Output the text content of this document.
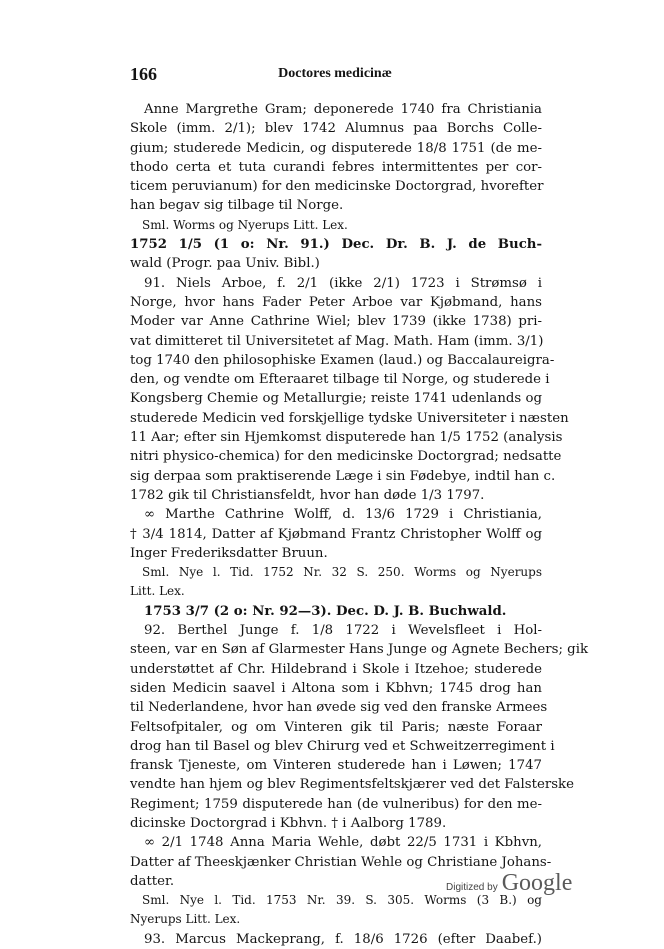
166	Doctores medicinæ
Anne Margrethe Gram; deponerede 1740 fra Christiania
Skole (imm. 2/1); blev 1742 Alumnus paa Borchs Colle-
gium; studerede Medicin, og disputerede 18/8 1751 (de me-
thodo certa et tuta curandi febres intermittentes per cor-
ticem peruvianum) for den medicinske Doctorgrad, hvorefter
han begav sig tilbage til Norge.
Sml. Worms og Nyerups Litt. Lex.
1752 1/5 (1 o: Nr. 91.) Dec. Dr. B. J. de Buch-
wald (Progr. paa Univ. Bibl.)
91. Niels Arboe, f. 2/1 (ikke 2/1) 1723 i Strømsø i
Norge, hvor hans Fader Peter Arboe var Kjøbmand, hans
Moder var Anne Cathrine Wiel; blev 1739 (ikke 1738) pri-
vat dimitteret til Universitetet af Mag. Math. Ham (imm. 3/1)
tog 1740 den philosophiske Examen (laud.) og Baccalaureigra-
den, og vendte om Efteraaret tilbage til Norge, og studerede i
Kongsberg Chemie og Metallurgie; reiste 1741 udenlands og
studerede Medicin ved forskjellige tydske Universiteter i næsten
11 Aar; efter sin Hjemkomst disputerede han 1/5 1752 (analysis
nitri physico-chemica) for den medicinske Doctorgrad; nedsatte
sig derpaa som praktiserende Læge i sin Fødebye, indtil han c.
1782 gik til Christiansfeldt, hvor han døde 1/3 1797.
∞ Marthe Cathrine Wolff, d. 13/6 1729 i Christiania,
† 3/4 1814, Datter af Kjøbmand Frantz Christopher Wolff og
Inger Frederiksdatter Bruun.
Sml. Nye l. Tid. 1752 Nr. 32 S. 250. Worms og Nyerups
Litt. Lex.
1753 3/7 (2 o: Nr. 92—3). Dec. D. J. B. Buchwald.
92. Berthel Junge f. 1/8 1722 i Wevelsfleet i Hol-
steen, var en Søn af Glarmester Hans Junge og Agnete Bechers; gik
understøttet af Chr. Hildebrand i Skole i Itzehoe; studerede
siden Medicin saavel i Altona som i Kbhvn; 1745 drog han
til Nederlandene, hvor han øvede sig ved den franske Armees
Feltsofpitaler, og om Vinteren gik til Paris; næste Foraar
drog han til Basel og blev Chirurg ved et Schweitzerregiment i
fransk Tjeneste, om Vinteren studerede han i Løwen; 1747
vendte han hjem og blev Regimentsfeltskjærer ved det Falsterske
Regiment; 1759 disputerede han (de vulneribus) for den me-
dicinske Doctorgrad i Kbhvn. † i Aalborg 1789.
∞ 2/1 1748 Anna Maria Wehle, døbt 22/5 1731 i Kbhvn,
Datter af Theeskjænker Christian Wehle og Christiane Johans-
datter.
Sml. Nye l. Tid. 1753 Nr. 39. S. 305. Worms (3 B.) og
Nyerups Litt. Lex.
93. Marcus Mackeprang, f. 18/6 1726 (efter Daabef.)
Digitized by Google
